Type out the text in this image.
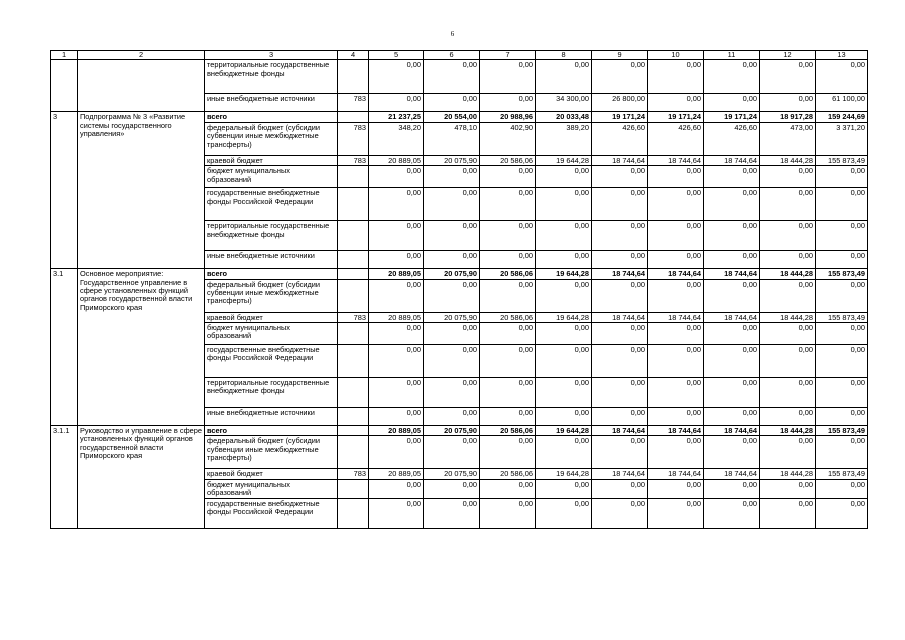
6
1	2	3	4	5	6	7	8	9	10	11	12	13
		территориальные государственные внебюджетные фонды		0,00	0,00	0,00	0,00	0,00	0,00	0,00	0,00	0,00
		иные внебюджетные источники	783	0,00	0,00	0,00	34 300,00	26 800,00	0,00	0,00	0,00	61 100,00
3	Подпрограмма № 3 «Развитие системы государственного управления»	всего		21 237,25	20 554,00	20 988,96	20 033,48	19 171,24	19 171,24	19 171,24	18 917,28	159 244,69
		федеральный бюджет (субсидии субвенции иные межбюджетные трансферты)	783	348,20	478,10	402,90	389,20	426,60	426,60	426,60	473,00	3 371,20
		краевой бюджет	783	20 889,05	20 075,90	20 586,06	19 644,28	18 744,64	18 744,64	18 744,64	18 444,28	155 873,49
		бюджет муниципальных образований		0,00	0,00	0,00	0,00	0,00	0,00	0,00	0,00	0,00
		государственные внебюджетные фонды Российской Федерации		0,00	0,00	0,00	0,00	0,00	0,00	0,00	0,00	0,00
		территориальные государственные внебюджетные фонды		0,00	0,00	0,00	0,00	0,00	0,00	0,00	0,00	0,00
		иные внебюджетные источники		0,00	0,00	0,00	0,00	0,00	0,00	0,00	0,00	0,00
3.1	Основное мероприятие: Государственное управление в сфере установленных функций органов государственной власти Приморского края	всего		20 889,05	20 075,90	20 586,06	19 644,28	18 744,64	18 744,64	18 744,64	18 444,28	155 873,49
		федеральный бюджет (субсидии субвенции иные межбюджетные трансферты)		0,00	0,00	0,00	0,00	0,00	0,00	0,00	0,00	0,00
		краевой бюджет	783	20 889,05	20 075,90	20 586,06	19 644,28	18 744,64	18 744,64	18 744,64	18 444,28	155 873,49
		бюджет муниципальных образований		0,00	0,00	0,00	0,00	0,00	0,00	0,00	0,00	0,00
		государственные внебюджетные фонды Российской Федерации		0,00	0,00	0,00	0,00	0,00	0,00	0,00	0,00	0,00
		территориальные государственные внебюджетные фонды		0,00	0,00	0,00	0,00	0,00	0,00	0,00	0,00	0,00
		иные внебюджетные источники		0,00	0,00	0,00	0,00	0,00	0,00	0,00	0,00	0,00
3.1.1	Руководство и управление в сфере установленных функций органов государственной власти Приморского края	всего		20 889,05	20 075,90	20 586,06	19 644,28	18 744,64	18 744,64	18 744,64	18 444,28	155 873,49
		федеральный бюджет (субсидии субвенции иные межбюджетные трансферты)		0,00	0,00	0,00	0,00	0,00	0,00	0,00	0,00	0,00
		краевой бюджет	783	20 889,05	20 075,90	20 586,06	19 644,28	18 744,64	18 744,64	18 744,64	18 444,28	155 873,49
		бюджет муниципальных образований		0,00	0,00	0,00	0,00	0,00	0,00	0,00	0,00	0,00
		государственные внебюджетные фонды Российской Федерации		0,00	0,00	0,00	0,00	0,00	0,00	0,00	0,00	0,00
